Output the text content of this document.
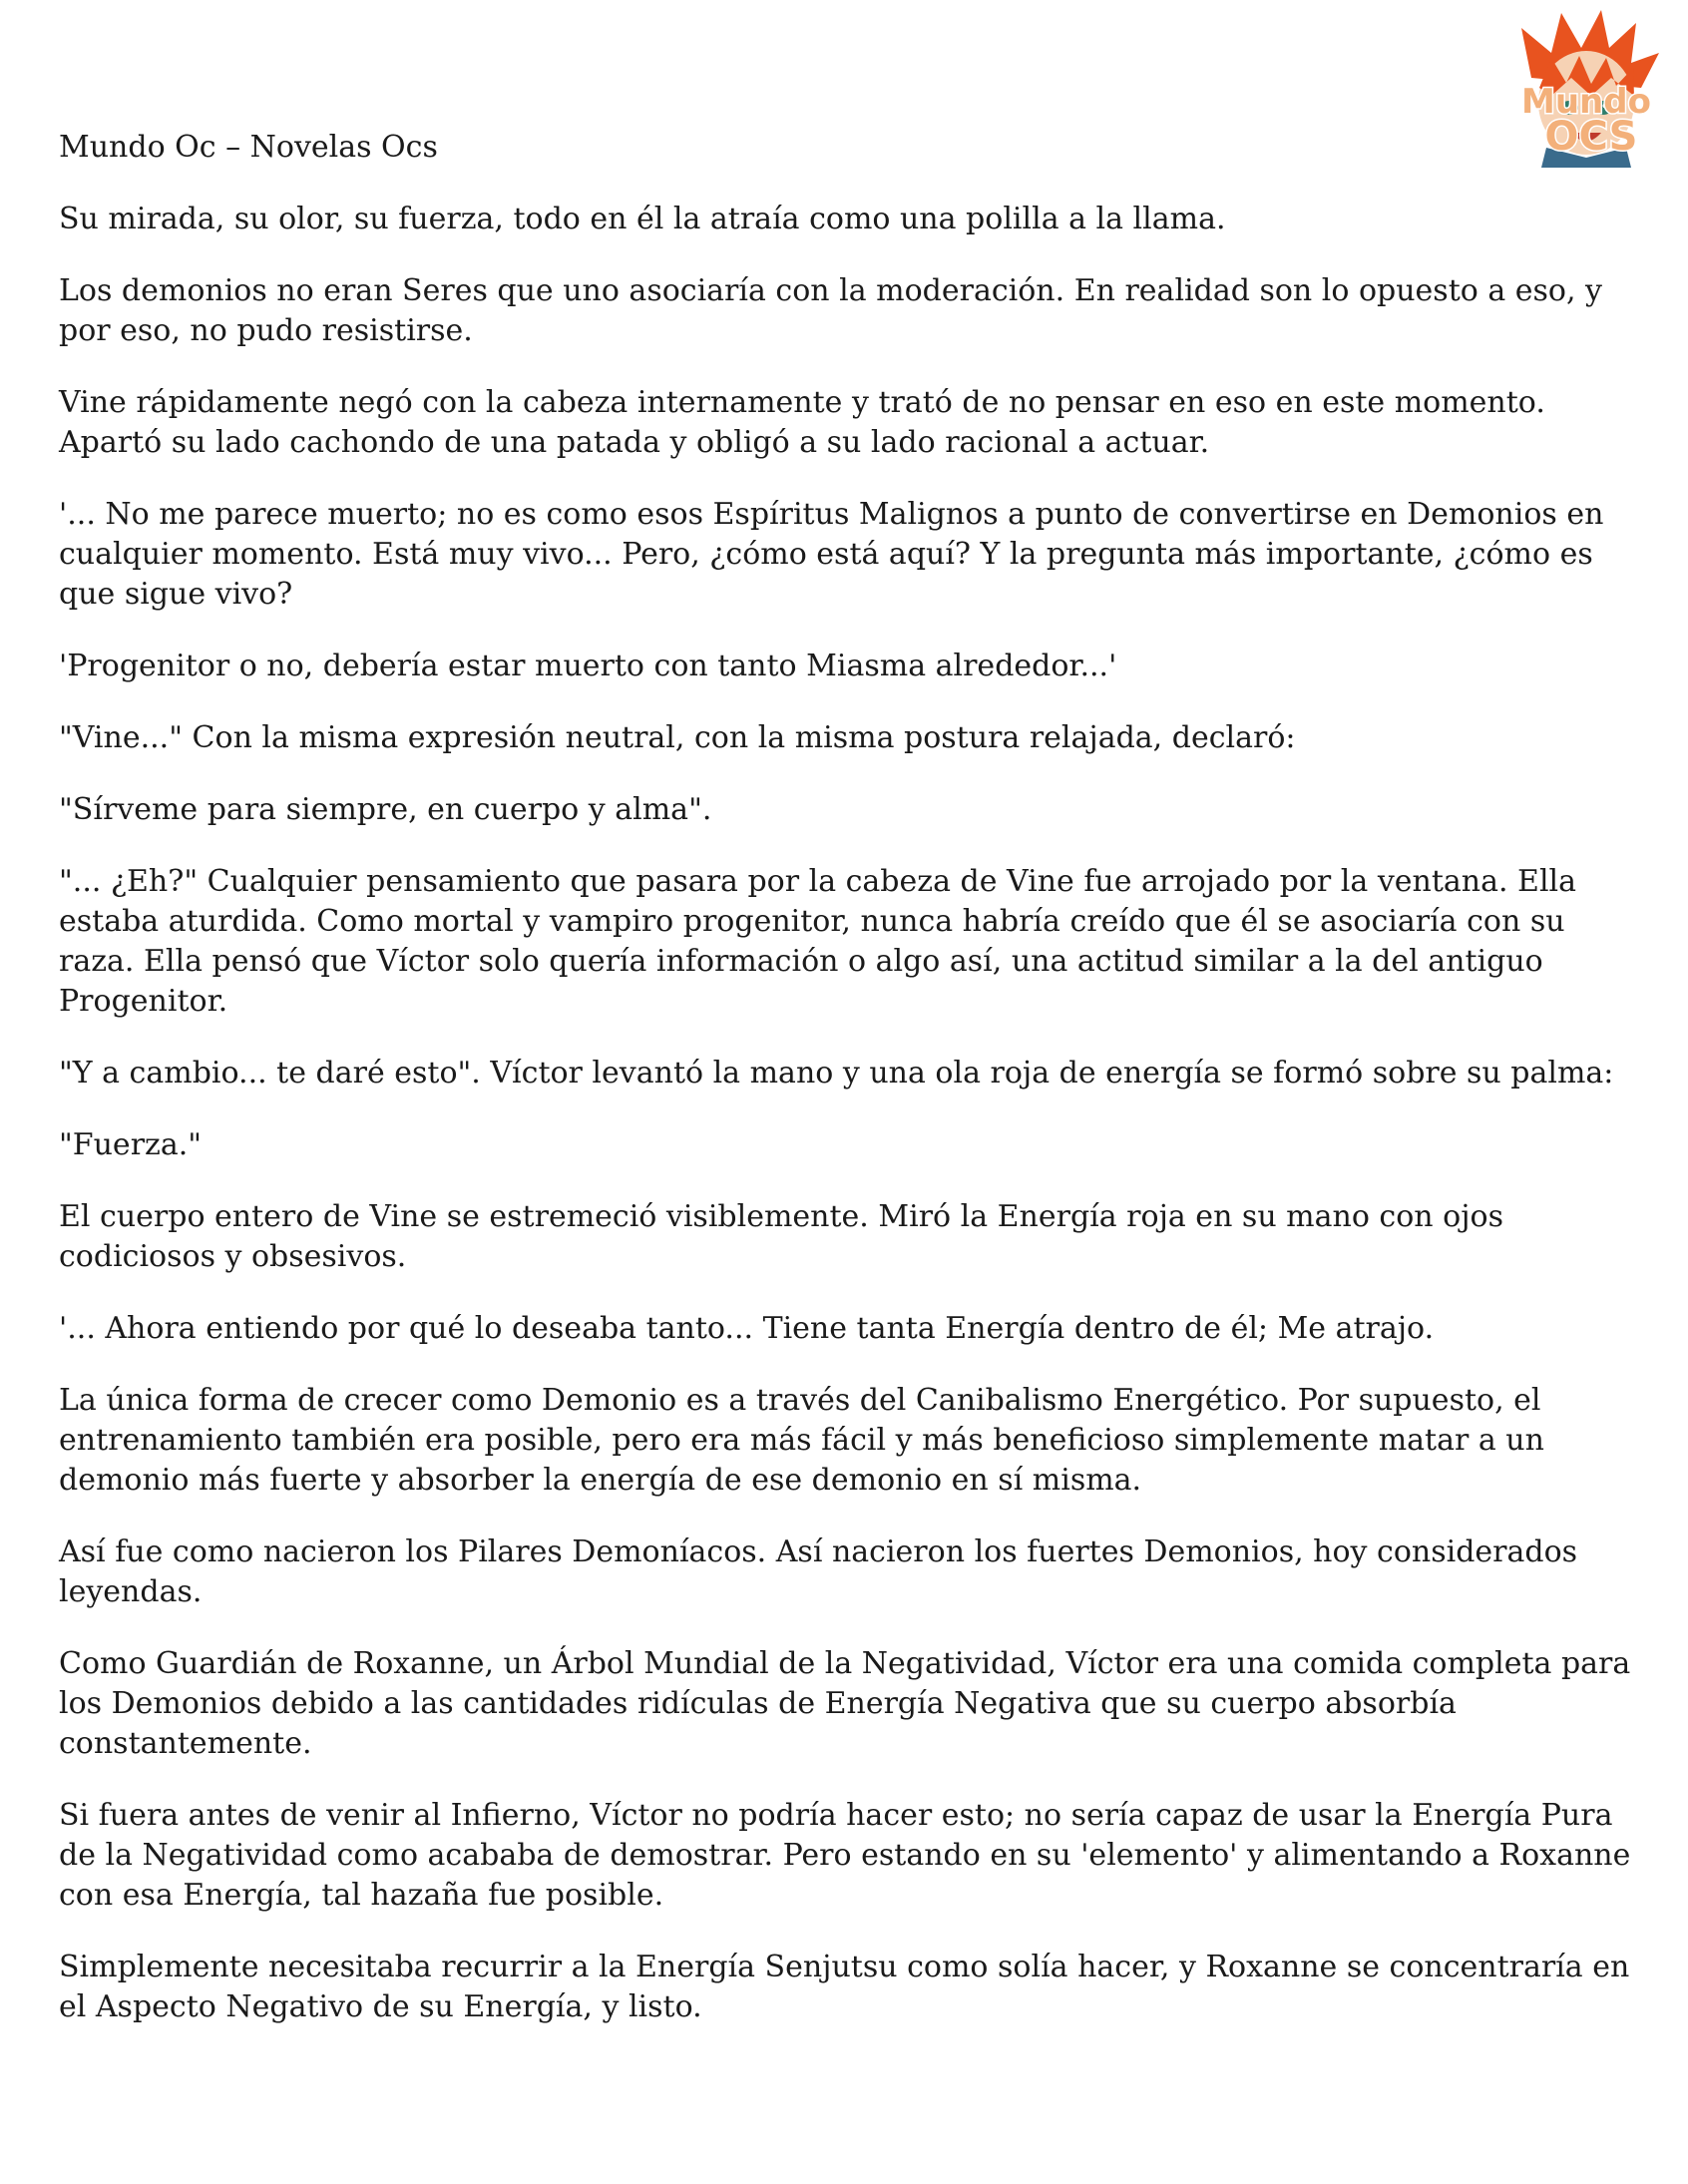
Mundo
OCS

Mundo Oc – Novelas Ocs

Su mirada, su olor, su fuerza, todo en él la atraía como una polilla a la llama.

Los demonios no eran Seres que uno asociaría con la moderación. En realidad son lo opuesto a eso, y por eso, no pudo resistirse.

Vine rápidamente negó con la cabeza internamente y trató de no pensar en eso en este momento. Apartó su lado cachondo de una patada y obligó a su lado racional a actuar.

'... No me parece muerto; no es como esos Espíritus Malignos a punto de convertirse en Demonios en cualquier momento. Está muy vivo... Pero, ¿cómo está aquí? Y la pregunta más importante, ¿cómo es que sigue vivo?

'Progenitor o no, debería estar muerto con tanto Miasma alrededor...'

"Vine..." Con la misma expresión neutral, con la misma postura relajada, declaró:

"Sírveme para siempre, en cuerpo y alma".

"... ¿Eh?" Cualquier pensamiento que pasara por la cabeza de Vine fue arrojado por la ventana. Ella estaba aturdida. Como mortal y vampiro progenitor, nunca habría creído que él se asociaría con su raza. Ella pensó que Víctor solo quería información o algo así, una actitud similar a la del antiguo Progenitor.

"Y a cambio... te daré esto". Víctor levantó la mano y una ola roja de energía se formó sobre su palma:

"Fuerza."

El cuerpo entero de Vine se estremeció visiblemente. Miró la Energía roja en su mano con ojos codiciosos y obsesivos.

'... Ahora entiendo por qué lo deseaba tanto... Tiene tanta Energía dentro de él; Me atrajo.

La única forma de crecer como Demonio es a través del Canibalismo Energético. Por supuesto, el entrenamiento también era posible, pero era más fácil y más beneficioso simplemente matar a un demonio más fuerte y absorber la energía de ese demonio en sí misma.

Así fue como nacieron los Pilares Demoníacos. Así nacieron los fuertes Demonios, hoy considerados leyendas.

Como Guardián de Roxanne, un Árbol Mundial de la Negatividad, Víctor era una comida completa para los Demonios debido a las cantidades ridículas de Energía Negativa que su cuerpo absorbía constantemente.

Si fuera antes de venir al Infierno, Víctor no podría hacer esto; no sería capaz de usar la Energía Pura de la Negatividad como acababa de demostrar. Pero estando en su 'elemento' y alimentando a Roxanne con esa Energía, tal hazaña fue posible.

Simplemente necesitaba recurrir a la Energía Senjutsu como solía hacer, y Roxanne se concentraría en el Aspecto Negativo de su Energía, y listo.
